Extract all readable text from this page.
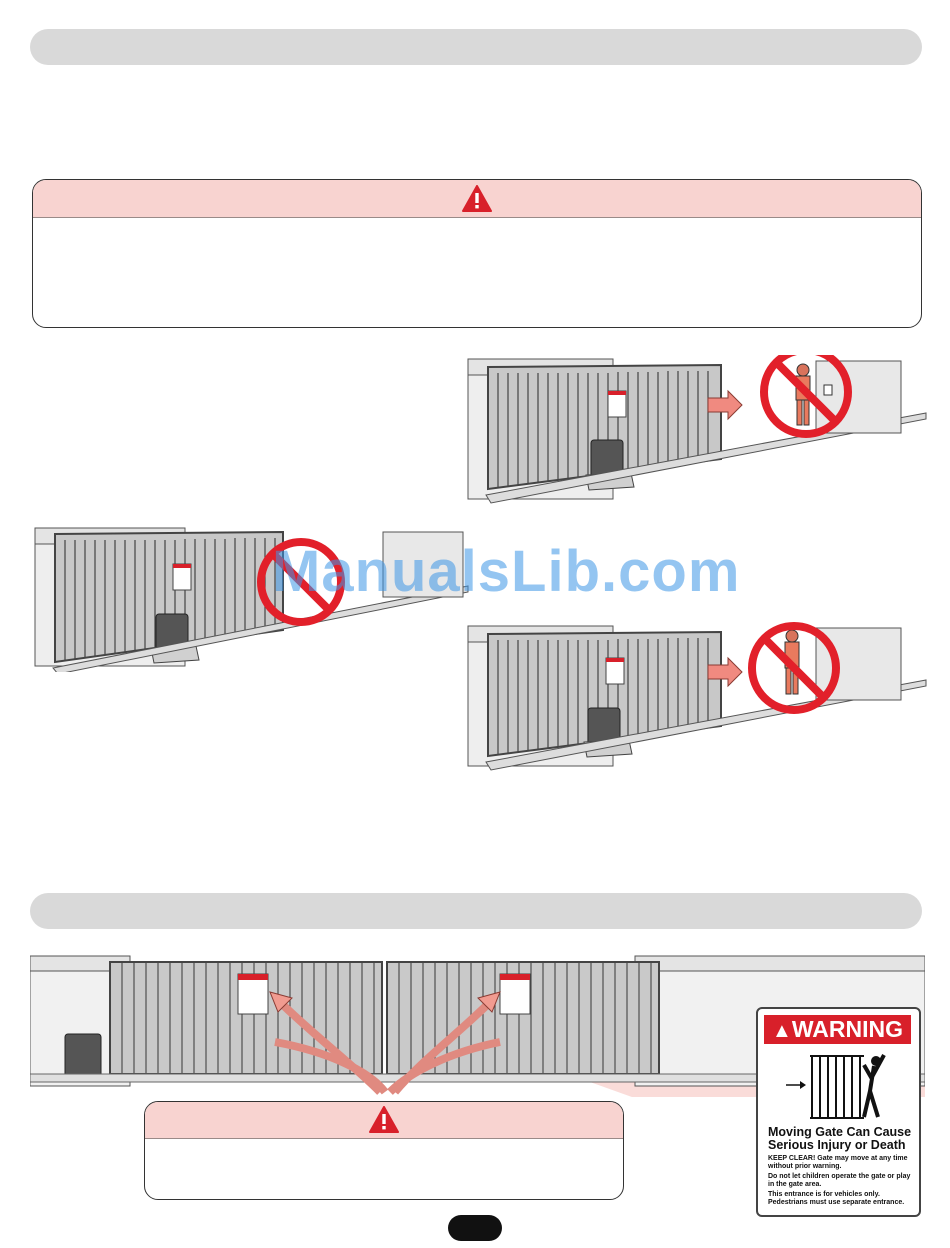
ManualsLib.com
▲WARNING
Moving Gate Can Cause
Serious Injury or Death
KEEP CLEAR! Gate may move at any time
without prior warning.
Do not let children operate the gate or play
in the gate area.
This entrance is for vehicles only.
Pedestrians must use separate entrance.
